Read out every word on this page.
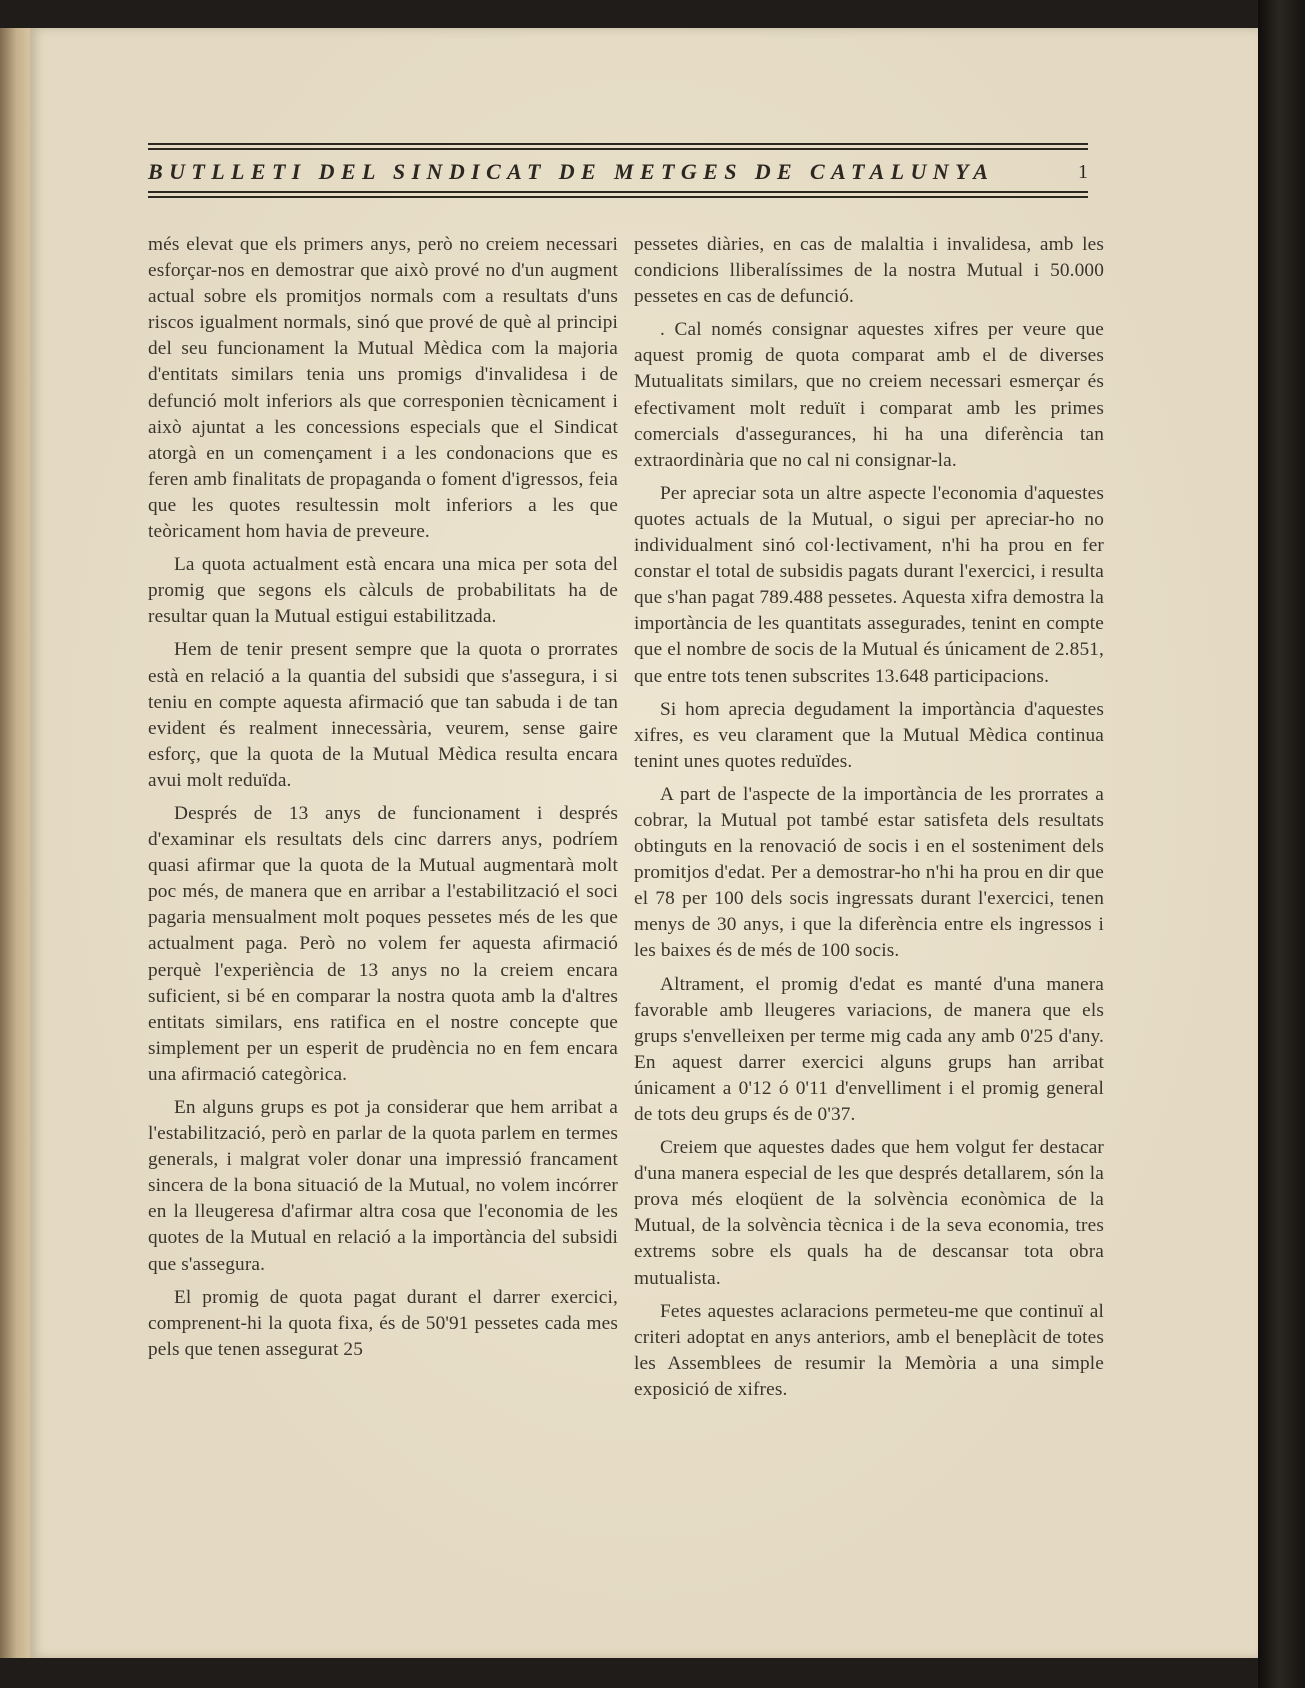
BUTLLETI DEL SINDICAT DE METGES DE CATALUNYA	1

més elevat que els primers anys, però no creiem necessari esforçar-nos en demostrar que això prové no d'un augment actual sobre els promitjos normals com a resultats d'uns riscos igualment normals, sinó que prové de què al principi del seu funcionament la Mutual Mèdica com la majoria d'entitats similars tenia uns promigs d'invalidesa i de defunció molt inferiors als que corresponien tècnicament i això ajuntat a les concessions especials que el Sindicat atorgà en un començament i a les condonacions que es feren amb finalitats de propaganda o foment d'igressos, feia que les quotes resultessin molt inferiors a les que teòricament hom havia de preveure.

La quota actualment està encara una mica per sota del promig que segons els càlculs de probabilitats ha de resultar quan la Mutual estigui estabilitzada.

Hem de tenir present sempre que la quota o prorrates està en relació a la quantia del subsidi que s'assegura, i si teniu en compte aquesta afirmació que tan sabuda i de tan evident és realment innecessària, veurem, sense gaire esforç, que la quota de la Mutual Mèdica resulta encara avui molt reduïda.

Després de 13 anys de funcionament i després d'examinar els resultats dels cinc darrers anys, podríem quasi afirmar que la quota de la Mutual augmentarà molt poc més, de manera que en arribar a l'estabilització el soci pagaria mensualment molt poques pessetes més de les que actualment paga. Però no volem fer aquesta afirmació perquè l'experiència de 13 anys no la creiem encara suficient, si bé en comparar la nostra quota amb la d'altres entitats similars, ens ratifica en el nostre concepte que simplement per un esperit de prudència no en fem encara una afirmació categòrica.

En alguns grups es pot ja considerar que hem arribat a l'estabilització, però en parlar de la quota parlem en termes generals, i malgrat voler donar una impressió francament sincera de la bona situació de la Mutual, no volem incórrer en la lleugeresa d'afirmar altra cosa que l'economia de les quotes de la Mutual en relació a la importància del subsidi que s'assegura.

El promig de quota pagat durant el darrer exercici, comprenent-hi la quota fixa, és de 50'91 pessetes cada mes pels que tenen assegurat 25

pessetes diàries, en cas de malaltia i invalidesa, amb les condicions lliberalíssimes de la nostra Mutual i 50.000 pessetes en cas de defunció.

. Cal només consignar aquestes xifres per veure que aquest promig de quota comparat amb el de diverses Mutualitats similars, que no creiem necessari esmerçar és efectivament molt reduït i comparat amb les primes comercials d'assegurances, hi ha una diferència tan extraordinària que no cal ni consignar-la.

Per apreciar sota un altre aspecte l'economia d'aquestes quotes actuals de la Mutual, o sigui per apreciar-ho no individualment sinó col·lectivament, n'hi ha prou en fer constar el total de subsidis pagats durant l'exercici, i resulta que s'han pagat 789.488 pessetes. Aquesta xifra demostra la importància de les quantitats assegurades, tenint en compte que el nombre de socis de la Mutual és únicament de 2.851, que entre tots tenen subscrites 13.648 participacions.

Si hom aprecia degudament la importància d'aquestes xifres, es veu clarament que la Mutual Mèdica continua tenint unes quotes reduïdes.

A part de l'aspecte de la importància de les prorrates a cobrar, la Mutual pot també estar satisfeta dels resultats obtinguts en la renovació de socis i en el sosteniment dels promitjos d'edat. Per a demostrar-ho n'hi ha prou en dir que el 78 per 100 dels socis ingressats durant l'exercici, tenen menys de 30 anys, i que la diferència entre els ingressos i les baixes és de més de 100 socis.

Altrament, el promig d'edat es manté d'una manera favorable amb lleugeres variacions, de manera que els grups s'envelleixen per terme mig cada any amb 0'25 d'any. En aquest darrer exercici alguns grups han arribat únicament a 0'12 ó 0'11 d'envelliment i el promig general de tots deu grups és de 0'37.

Creiem que aquestes dades que hem volgut fer destacar d'una manera especial de les que després detallarem, són la prova més eloqüent de la solvència econòmica de la Mutual, de la solvència tècnica i de la seva economia, tres extrems sobre els quals ha de descansar tota obra mutualista.

Fetes aquestes aclaracions permeteu-me que continuï al criteri adoptat en anys anteriors, amb el beneplàcit de totes les Assemblees de resumir la Memòria a una simple exposició de xifres.
